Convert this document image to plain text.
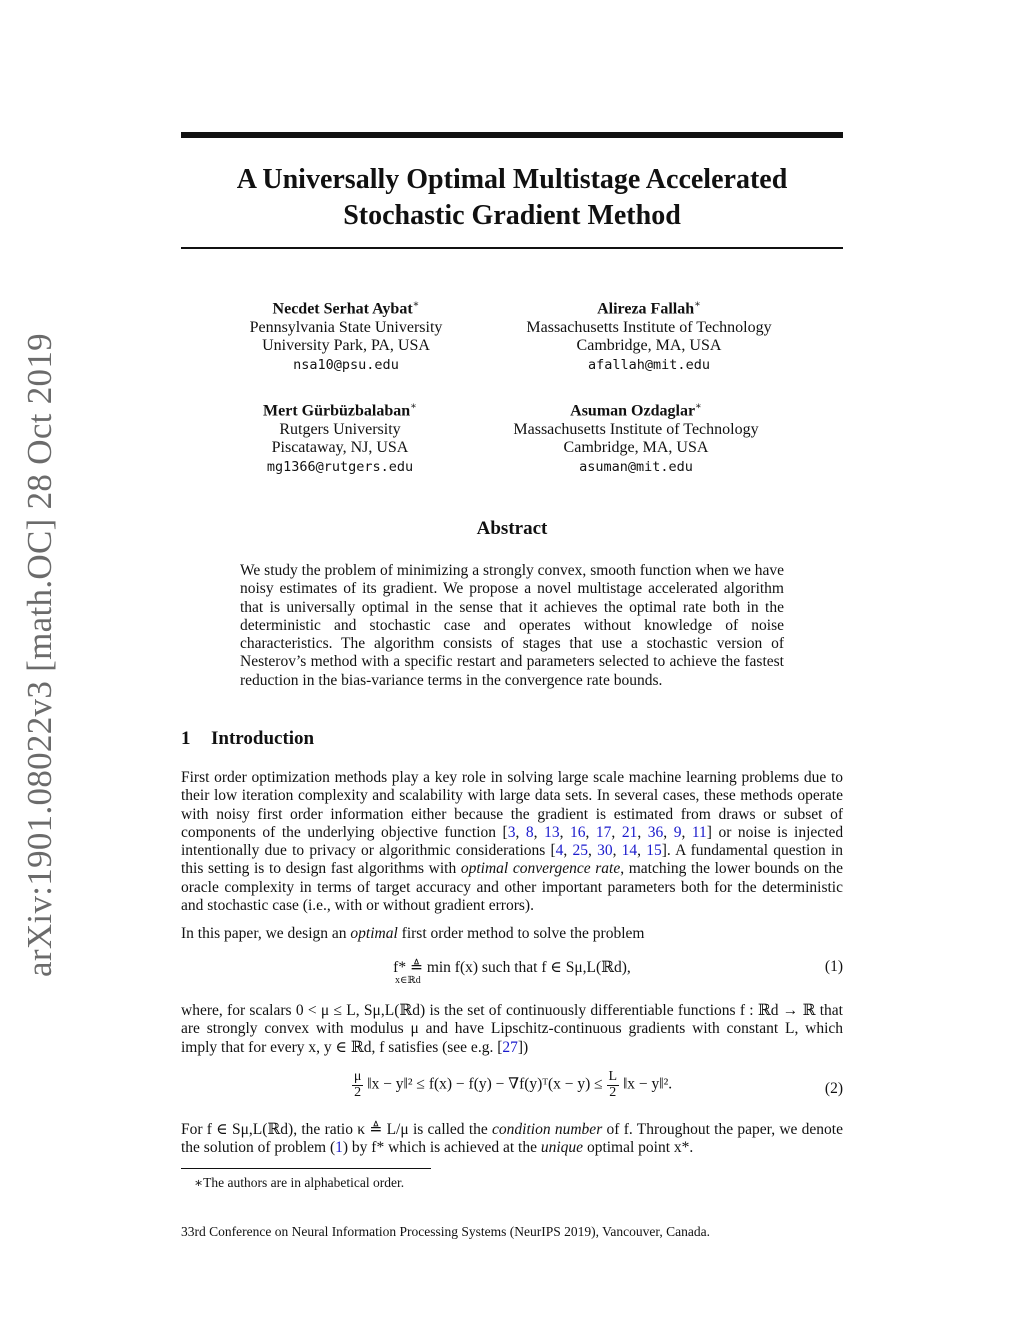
arXiv:1901.08022v3 [math.OC] 28 Oct 2019
A Universally Optimal Multistage Accelerated
Stochastic Gradient Method
Necdet Serhat Aybat∗
Pennsylvania State University
University Park, PA, USA
nsa10@psu.edu
Alireza Fallah∗
Massachusetts Institute of Technology
Cambridge, MA, USA
afallah@mit.edu
Mert Gürbüzbalaban∗
Rutgers University
Piscataway, NJ, USA
mg1366@rutgers.edu
Asuman Ozdaglar∗
Massachusetts Institute of Technology
Cambridge, MA, USA
asuman@mit.edu
Abstract
We study the problem of minimizing a strongly convex, smooth function when we have noisy estimates of its gradient. We propose a novel multistage accelerated algorithm that is universally optimal in the sense that it achieves the optimal rate both in the deterministic and stochastic case and operates without knowledge of noise characteristics. The algorithm consists of stages that use a stochastic version of Nesterov’s method with a specific restart and parameters selected to achieve the fastest reduction in the bias-variance terms in the convergence rate bounds.
1 Introduction

First order optimization methods play a key role in solving large scale machine learning problems due to their low iteration complexity and scalability with large data sets. In several cases, these methods operate with noisy first order information either because the gradient is estimated from draws or subset of components of the underlying objective function [3, 8, 13, 16, 17, 21, 36, 9, 11] or noise is injected intentionally due to privacy or algorithmic considerations [4, 25, 30, 14, 15]. A fundamental question in this setting is to design fast algorithms with optimal convergence rate, matching the lower bounds on the oracle complexity in terms of target accuracy and other important parameters both for the deterministic and stochastic case (i.e., with or without gradient errors).

In this paper, we design an optimal first order method to solve the problem

f* ≜ min f(x) such that f ∈ Sμ,L(ℝd),
x∈ℝd
(1)

where, for scalars 0 < μ ≤ L, Sμ,L(ℝd) is the set of continuously differentiable functions f : ℝd → ℝ that are strongly convex with modulus μ and have Lipschitz-continuous gradients with constant L, which imply that for every x, y ∈ ℝd, f satisfies (see e.g. [27])

$\frac{\mu}{2}$ ‖x − y‖² ≤ f(x) − f(y) − ∇f(y)ᵀ(x − $y) \le \frac{L}{2}$ ‖x − y‖².	(2)

For f ∈ Sμ,L(ℝd), the ratio κ ≜ L/μ is called the condition number of f. Throughout the paper, we denote the solution of problem (1) by f* which is achieved at the unique optimal point x*.

∗The authors are in alphabetical order.
33rd Conference on Neural Information Processing Systems (NeurIPS 2019), Vancouver, Canada.
